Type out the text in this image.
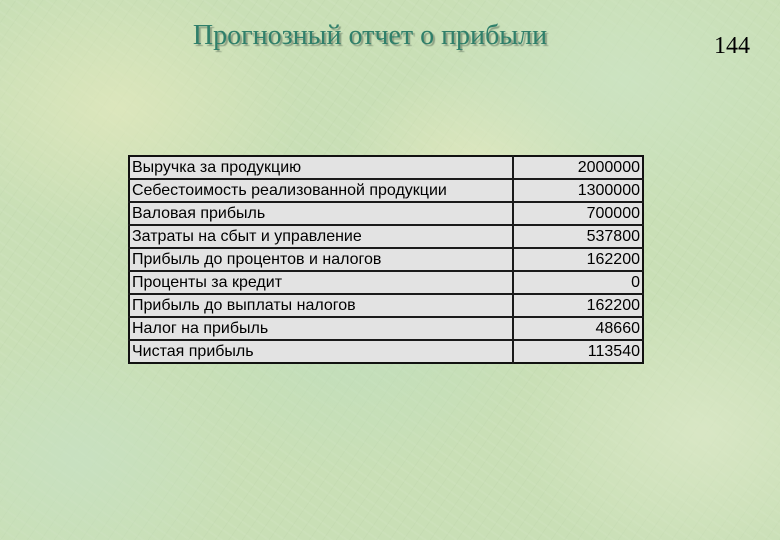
Прогнозный отчет о прибыли	144
Выручка за продукцию	2000000
Себестоимость реализованной продукции	1300000
Валовая прибыль	700000
Затраты на сбыт и управление	537800
Прибыль до процентов и налогов	162200
Проценты за кредит	0
Прибыль до выплаты налогов	162200
Налог на прибыль	48660
Чистая прибыль	113540
